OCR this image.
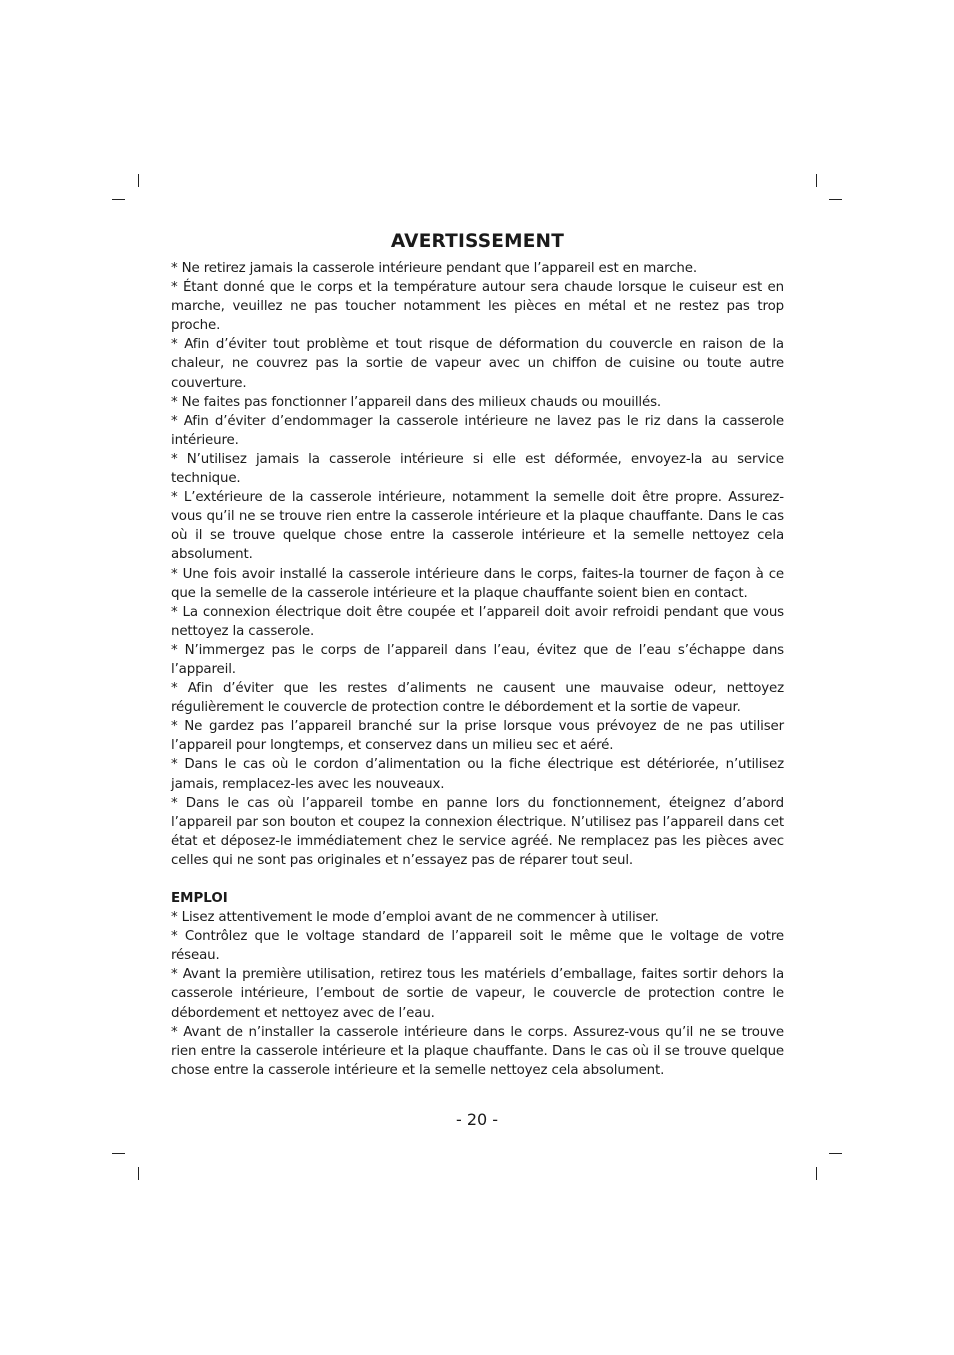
AVERTISSEMENT

* Ne retirez jamais la casserole intérieure pendant que l’appareil est en marche.

* Étant donné que le corps et la température autour sera chaude lorsque le cuiseur est en marche, veuillez ne pas toucher notamment les pièces en métal et ne restez pas trop proche.

* Afin d’éviter tout problème et tout risque de déformation du couvercle en raison de la chaleur, ne couvrez pas la sortie de vapeur avec un chiffon de cuisine ou toute autre couverture.

* Ne faites pas fonctionner l’appareil dans des milieux chauds ou mouillés.

* Afin d’éviter d’endommager la casserole intérieure ne lavez pas le riz dans la casserole intérieure.

* N’utilisez jamais la casserole intérieure si elle est déformée, envoyez-la au service technique.

* L’extérieure de la casserole intérieure, notamment la semelle doit être propre. Assurez-vous qu’il ne se trouve rien entre la casserole intérieure et la plaque chauffante. Dans le cas où il se trouve quelque chose entre la casserole intérieure et la semelle nettoyez cela absolument.

* Une fois avoir installé la casserole intérieure dans le corps, faites-la tourner de façon à ce que la semelle de la casserole intérieure et la plaque chauffante soient bien en contact.

* La connexion électrique doit être coupée et l’appareil doit avoir refroidi pendant que vous nettoyez la casserole.

* N’immergez pas le corps de l’appareil dans l’eau, évitez que de l’eau s’échappe dans l’appareil.

* Afin d’éviter que les restes d’aliments ne causent une mauvaise odeur, nettoyez régulièrement le couvercle de protection contre le débordement et la sortie de vapeur.

* Ne gardez pas l’appareil branché sur la prise lorsque vous prévoyez de ne pas utiliser l’appareil pour longtemps, et conservez dans un milieu sec et aéré.

* Dans le cas où le cordon d’alimentation ou la fiche électrique est détériorée, n’utilisez jamais, remplacez-les avec les nouveaux.

* Dans le cas où l’appareil tombe en panne lors du fonctionnement, éteignez d’abord l’appareil par son bouton et coupez la connexion électrique. N’utilisez pas l’appareil dans cet état et déposez-le immédiatement chez le service agréé. Ne remplacez pas les pièces avec celles qui ne sont pas originales et n’essayez pas de réparer tout seul.

EMPLOI

* Lisez attentivement le mode d’emploi avant de ne commencer à utiliser.

* Contrôlez que le voltage standard de l’appareil soit le même que le voltage de votre réseau.

* Avant la première utilisation, retirez tous les matériels d’emballage, faites sortir dehors la casserole intérieure, l’embout de sortie de vapeur, le couvercle de protection contre le débordement et nettoyez avec de l’eau.

* Avant de n’installer la casserole intérieure dans le corps. Assurez-vous qu’il ne se trouve rien entre la casserole intérieure et la plaque chauffante. Dans le cas où il se trouve quelque chose entre la casserole intérieure et la semelle nettoyez cela absolument.

- 20 -
